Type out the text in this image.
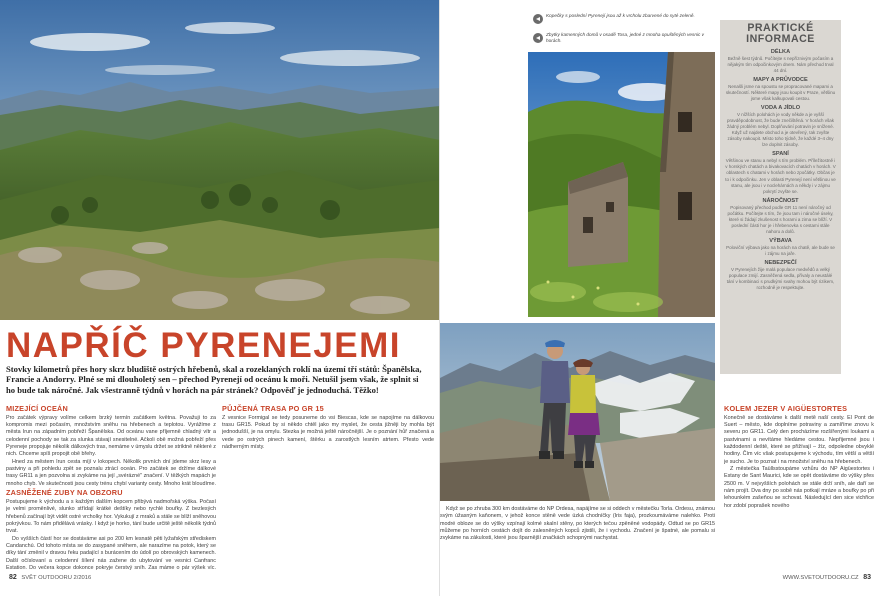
NAPŘÍČ PYRENEJEMI
Stovky kilometrů přes hory skrz bludiště ostrých hřebenů, skal a rozeklaných roklí na území tří států: Španělska, Francie a Andorry. Plné se mi dlouholetý sen – přechod Pyrenejí od oceánu k moři. Netušil jsem však, že splnit si ho bude tak náročné. Jak všestranně týdnů v horách na pár stránek? Odpověď je jednoduchá. Těžko!
MIZEJÍCÍ OCEÁN

Pro začátek výpravy volíme celkem brzký termín začátkem května. Považuji to za kompromis mezi počasím, množstvím sněhu na hřebenech a teplotou. Vyrážíme z města Irun na západním pobřeží Španělska. Od oceánu vane příjemně chladný vítr a celodenní pochody se tak za slunka stávají snesitelné. Ačkoli obě možná pobřeží přes Pyreneje propojuje několik dálkových tras, nemáme v úmyslu držet se striktně některé z nich. Chceme spíš propojit obě břehy.

Hned za městem Irun cesta míjí v lokopech. Několik prvních dní jdeme skrz lesy a pastviny a při pohledu zpět se poznalu ztrácí oceán. Pro začátek se držíme dálkové trasy GR11 a jen pozvolna si zvykáme na její „svéráznéˮ značení. V těžkých mapách je mnoho chyb. Ve skutečnosti jsou cesty trénu chybí varianty cesty. Mnoho krát bloudíme.

ZASNĚŽENÉ ZUBY NA OBZORU

Postupujeme k východu a s každým dalším kopcem přibývá nadmořská výška. Počasí je velmi proměnlivé, slunko střídají krátké deštíky nebo rychlé bouřky. Z bezlesých hřebenů začínají být vidět ostré vrcholky hor. Vykukují z mraků a stále se blíží sněhovou pokrývkou. To nám přidělává vrásky. I když je horko, tání bude určitě ještě několik týdnů trvat.

Do vyšších částí hor se dostáváme asi po 200 km lesnatě pěti lyžařským střediskem Candanchú. Od tohoto místa se do zasypané sněhem, ale narazíme na potok, který se díky tání změnil v dravou řeku padající s burácením do údolí po obrovských kamenech. Další očíslovaní a celodenní šílení nás zažene do ubytování ve vesnici Canfranc Estation. Do večera kopce dokonce pokryje čerstvý sníh. Zas máme o pár výšek víc.

PŮJČENÁ TRASA PO GR 15

Z vesnice Formigal se tedy posuneme do vsi Biescas, kde se napojíme na dálkovou trasu GR15. Pokud by si někdo chtěl jako my myslet, že cesta jižněji by mohla být jednodušší, je na omylu. Stezka je možná ještě náročnější. Je o poznání hůř značená a vede po ostrých pinech kamení, štěrku a zarostlých lesním atrtem. Přesto vede nádherným místy.

82 SVĚT OUTDOORU 2/2016
Kopečky s poslední Pyrenejí jsou až k vrcholu zbarvené do syté zeleně.
Zbytky kamenných domů v osadě Tosa, jedné z mnoha opuštěných vesnic v horách.
PRAKTICKÉ INFORMACE
DÉLKA

Bežně šest týdnů. Počítejte s nepříznivým počasím a nějakým tím odpočinkovým dnem. Nám přechod trval 44 dní.

MAPY A PRŮVODCE

Nenašli jsme na spoustu se propracované mapami a skutečností. Některé mapy jsou koupit v Praze, většinu jsme však kalkupovali cestou.

VODA A JÍDLO

V nížších polohách je vody někde a je vyšší pravděpodobnost, že bude znečištěná. V horách však žádný problém nebyl. Doplňování potravin je snížené. Když už najdete obchod a je otevřený, tak zvyšte zásoby nakoupit. Místo toho týdně, že každé 3–4 dny lze doplnit zásoby.

SPANÍ

Většinou ve stanu a nebyl s tím problém. Příležitostně i v horských chatách a bivakovacích chatách v horách. V oblastech s chatami v horách nebo zpočátky. Občas je to i k odpočinku. Jen v oblasti Pyrenejí není většinou ve stanu, ale jsou i v noclehárnách a někdy i v zájmu pokrytí zvyšte se.

NÁROČNOST

Popisovaný přechod podle GR 11 není náročný od počátku. Počítejte s tím, že jsou tam i náročné úseky, které si žádají zkušenost s horami a zima se blíží. V poslední části hor je i hřebenovka s cestami stále nahoru a dolů.

VÝBAVA

Poloviční výbava jako na horách na chatě, ale bude se i zájmu na jaře.

NEBEZPEČÍ

V Pyrenejích žije malá populace medvědů a velký populace zmijí. Zasněžená sedla, přívaly a neustálé tání v kombinaci s prudkými svahy mohou být rizikem, rozhodně je respektujte.

Když se po zhruba 300 km dostáváme do NP Ordesa, napájíme se si oddech v městečku Torla. Ordesu, známou svým úžasným kaňonem, v jehož konce stěně vede úzká chodníčky (Iris faja), prozkoumáváme nalehko. Proti modré obloze se do výšky vzpínají kolmé skalní stěny, po kterých tečou zpěněné vodopády. Odtud se po GR15 můžeme po horních cestách dojít do zalesněných kopců zjistili, že i vychodu. Značení je špatné, ale pomalu si zvykáme na zákulosti, které jsou šparnější značkách schopnými nachystat.

KOLEM JEZER V AIGÜESTORTES

Konečně se dostáváme k další metě naší cesty. El Pont de Suert – město, kde doplníme potraviny a zamíříme znovu k severu po GR11. Celý den procházíme rozšířenými loukami a pastvinami a nevítáme hledáme cestou. Nepřijemné jsou i každodenní deště, které se přižívají – žíz, odpoledne obvyklé hodiny. Čím víc však postupujeme k východu, tím větší a větší je sucho. Je to poznat i na množství sněhu na hřebenech.

Z městečka Taüllsstoupáme vzhůru do NP Aigüestortes i Estany de Sant Maurici, kde se opět dostáváme do výšky přes 2500 m. V nejvyšších polohách se stále drží sníh, ale daří se nám projít. Dva dny po sobě nás potkají mráze a bouřky po při lehounkém zašeňou se schovat. Následující den sice vichřice hor zdobí poprašek nového

WWW.SVETOUTDOORU.CZ 83
